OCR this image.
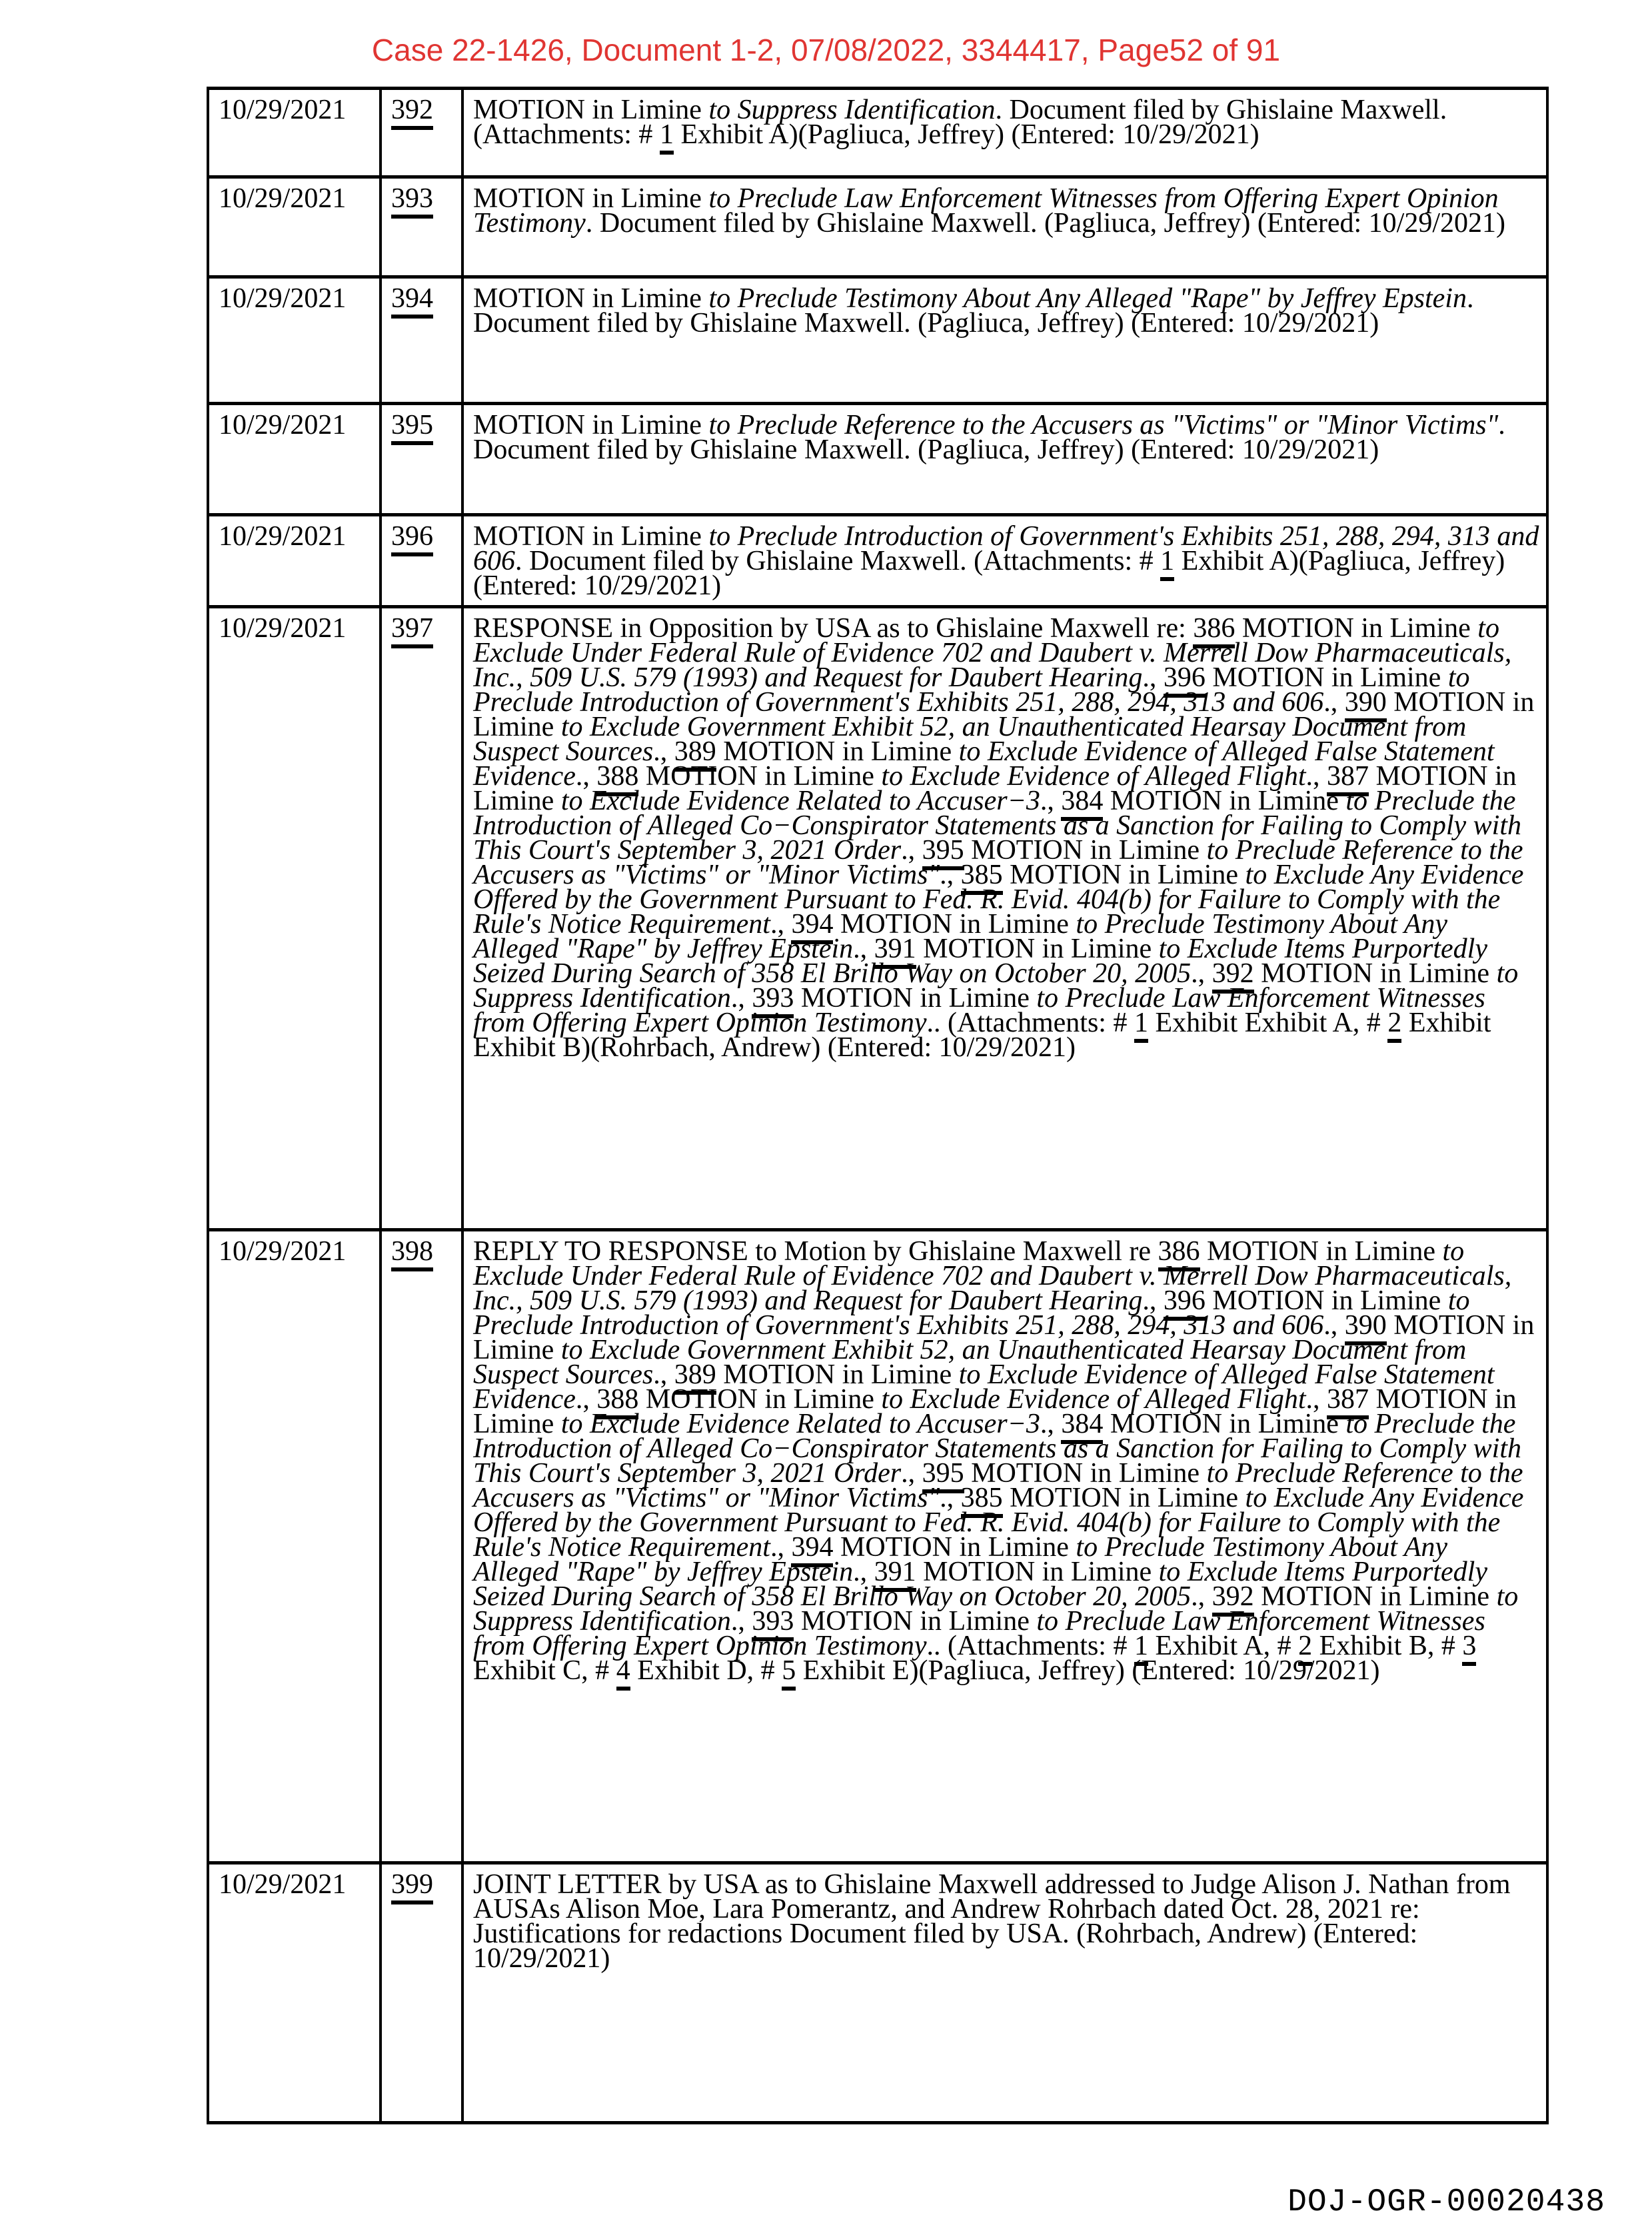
Case 22-1426, Document 1-2, 07/08/2022, 3344417, Page52 of 91
10/29/2021	392	MOTION in Limine to Suppress Identification. Document filed by Ghislaine Maxwell. (Attachments: # 1 Exhibit A)(Pagliuca, Jeffrey) (Entered: 10/29/2021)
10/29/2021	393	MOTION in Limine to Preclude Law Enforcement Witnesses from Offering Expert Opinion Testimony. Document filed by Ghislaine Maxwell. (Pagliuca, Jeffrey) (Entered: 10/29/2021)
10/29/2021	394	MOTION in Limine to Preclude Testimony About Any Alleged "Rape" by Jeffrey Epstein. Document filed by Ghislaine Maxwell. (Pagliuca, Jeffrey) (Entered: 10/29/2021)
10/29/2021	395	MOTION in Limine to Preclude Reference to the Accusers as "Victims" or "Minor Victims". Document filed by Ghislaine Maxwell. (Pagliuca, Jeffrey) (Entered: 10/29/2021)
10/29/2021	396	MOTION in Limine to Preclude Introduction of Government's Exhibits 251, 288, 294, 313 and 606. Document filed by Ghislaine Maxwell. (Attachments: # 1 Exhibit A)(Pagliuca, Jeffrey) (Entered: 10/29/2021)
10/29/2021	397	RESPONSE in Opposition by USA as to Ghislaine Maxwell re: 386 MOTION in Limine to Exclude Under Federal Rule of Evidence 702 and Daubert v. Merrell Dow Pharmaceuticals, Inc., 509 U.S. 579 (1993) and Request for Daubert Hearing., 396 MOTION in Limine to Preclude Introduction of Government's Exhibits 251, 288, 294, 313 and 606., 390 MOTION in Limine to Exclude Government Exhibit 52, an Unauthenticated Hearsay Document from Suspect Sources., 389 MOTION in Limine to Exclude Evidence of Alleged False Statement Evidence., 388 MOTION in Limine to Exclude Evidence of Alleged Flight., 387 MOTION in Limine to Exclude Evidence Related to Accuser−3., 384 MOTION in Limine to Preclude the Introduction of Alleged Co−Conspirator Statements as a Sanction for Failing to Comply with This Court's September 3, 2021 Order., 395 MOTION in Limine to Preclude Reference to the Accusers as "Victims" or "Minor Victims"., 385 MOTION in Limine to Exclude Any Evidence Offered by the Government Pursuant to Fed. R. Evid. 404(b) for Failure to Comply with the Rule's Notice Requirement., 394 MOTION in Limine to Preclude Testimony About Any Alleged "Rape" by Jeffrey Epstein., 391 MOTION in Limine to Exclude Items Purportedly Seized During Search of 358 El Brillo Way on October 20, 2005., 392 MOTION in Limine to Suppress Identification., 393 MOTION in Limine to Preclude Law Enforcement Witnesses from Offering Expert Opinion Testimony.. (Attachments: # 1 Exhibit Exhibit A, # 2 Exhibit Exhibit B)(Rohrbach, Andrew) (Entered: 10/29/2021)
10/29/2021	398	REPLY TO RESPONSE to Motion by Ghislaine Maxwell re 386 MOTION in Limine to Exclude Under Federal Rule of Evidence 702 and Daubert v. Merrell Dow Pharmaceuticals, Inc., 509 U.S. 579 (1993) and Request for Daubert Hearing., 396 MOTION in Limine to Preclude Introduction of Government's Exhibits 251, 288, 294, 313 and 606., 390 MOTION in Limine to Exclude Government Exhibit 52, an Unauthenticated Hearsay Document from Suspect Sources., 389 MOTION in Limine to Exclude Evidence of Alleged False Statement Evidence., 388 MOTION in Limine to Exclude Evidence of Alleged Flight., 387 MOTION in Limine to Exclude Evidence Related to Accuser−3., 384 MOTION in Limine to Preclude the Introduction of Alleged Co−Conspirator Statements as a Sanction for Failing to Comply with This Court's September 3, 2021 Order., 395 MOTION in Limine to Preclude Reference to the Accusers as "Victims" or "Minor Victims"., 385 MOTION in Limine to Exclude Any Evidence Offered by the Government Pursuant to Fed. R. Evid. 404(b) for Failure to Comply with the Rule's Notice Requirement., 394 MOTION in Limine to Preclude Testimony About Any Alleged "Rape" by Jeffrey Epstein., 391 MOTION in Limine to Exclude Items Purportedly Seized During Search of 358 El Brillo Way on October 20, 2005., 392 MOTION in Limine to Suppress Identification., 393 MOTION in Limine to Preclude Law Enforcement Witnesses from Offering Expert Opinion Testimony.. (Attachments: # 1 Exhibit A, # 2 Exhibit B, # 3 Exhibit C, # 4 Exhibit D, # 5 Exhibit E)(Pagliuca, Jeffrey) (Entered: 10/29/2021)
10/29/2021	399	JOINT LETTER by USA as to Ghislaine Maxwell addressed to Judge Alison J. Nathan from AUSAs Alison Moe, Lara Pomerantz, and Andrew Rohrbach dated Oct. 28, 2021 re: Justifications for redactions Document filed by USA. (Rohrbach, Andrew) (Entered: 10/29/2021)
DOJ-OGR-00020438
